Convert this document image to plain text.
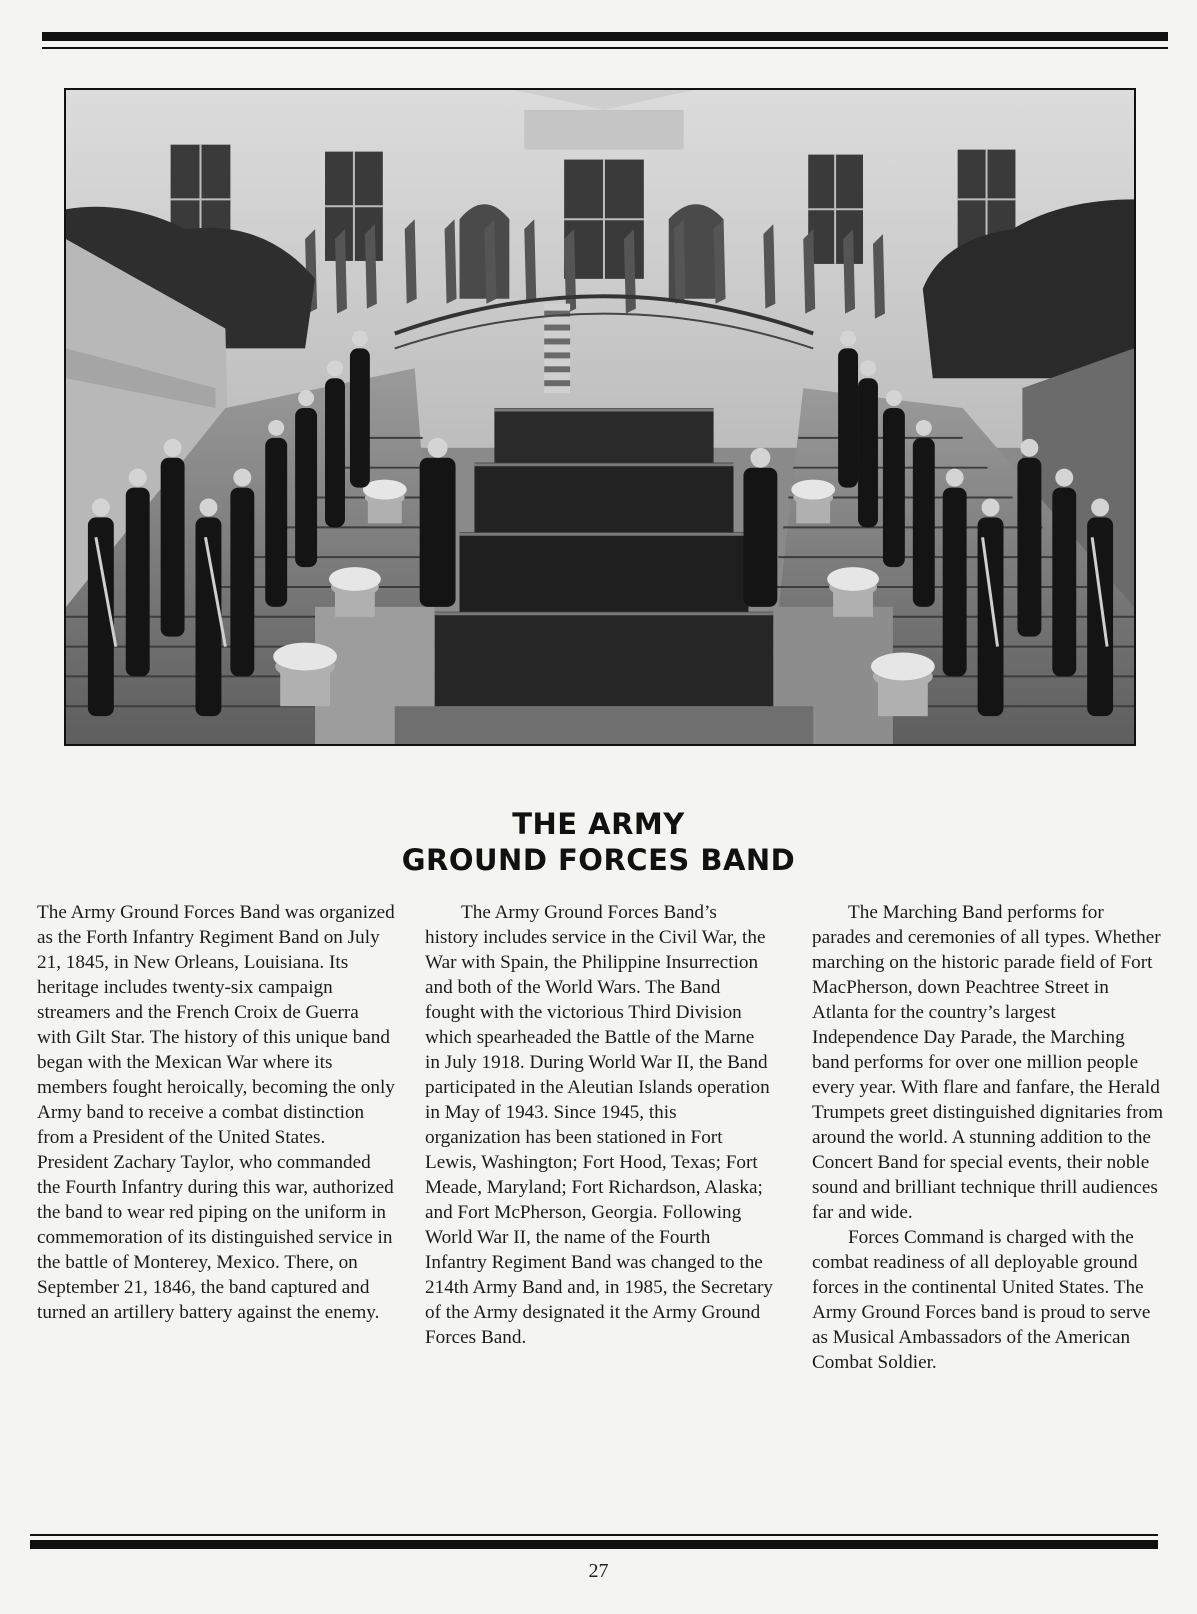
THE ARMY
GROUND FORCES BAND

The Army Ground Forces Band was organized as the Forth Infantry Regiment Band on July 21, 1845, in New Orleans, Louisiana. Its heritage includes twenty-six campaign streamers and the French Croix de Guerra with Gilt Star. The history of this unique band began with the Mexican War where its members fought heroically, becoming the only Army band to receive a combat distinction from a President of the United States. President Zachary Taylor, who commanded the Fourth Infantry during this war, authorized the band to wear red piping on the uniform in commemoration of its distinguished service in the battle of Monterey, Mexico. There, on September 21, 1846, the band captured and turned an artillery battery against the enemy.

The Army Ground Forces Band’s history includes service in the Civil War, the War with Spain, the Philippine Insurrection and both of the World Wars. The Band fought with the victorious Third Division which spearheaded the Battle of the Marne in July 1918. During World War II, the Band participated in the Aleutian Islands operation in May of 1943. Since 1945, this organization has been stationed in Fort Lewis, Washington; Fort Hood, Texas; Fort Meade, Maryland; Fort Richardson, Alaska; and Fort McPherson, Georgia. Following World War II, the name of the Fourth Infantry Regiment Band was changed to the 214th Army Band and, in 1985, the Secretary of the Army designated it the Army Ground Forces Band.

The Marching Band performs for parades and ceremonies of all types. Whether marching on the historic parade field of Fort MacPherson, down Peachtree Street in Atlanta for the country’s largest Independence Day Parade, the Marching band performs for over one million people every year. With flare and fanfare, the Herald Trumpets greet distinguished dignitaries from around the world. A stunning addition to the Concert Band for special events, their noble sound and brilliant technique thrill audiences far and wide.

Forces Command is charged with the combat readiness of all deployable ground forces in the continental United States. The Army Ground Forces band is proud to serve as Musical Ambassadors of the American Combat Soldier.

27
